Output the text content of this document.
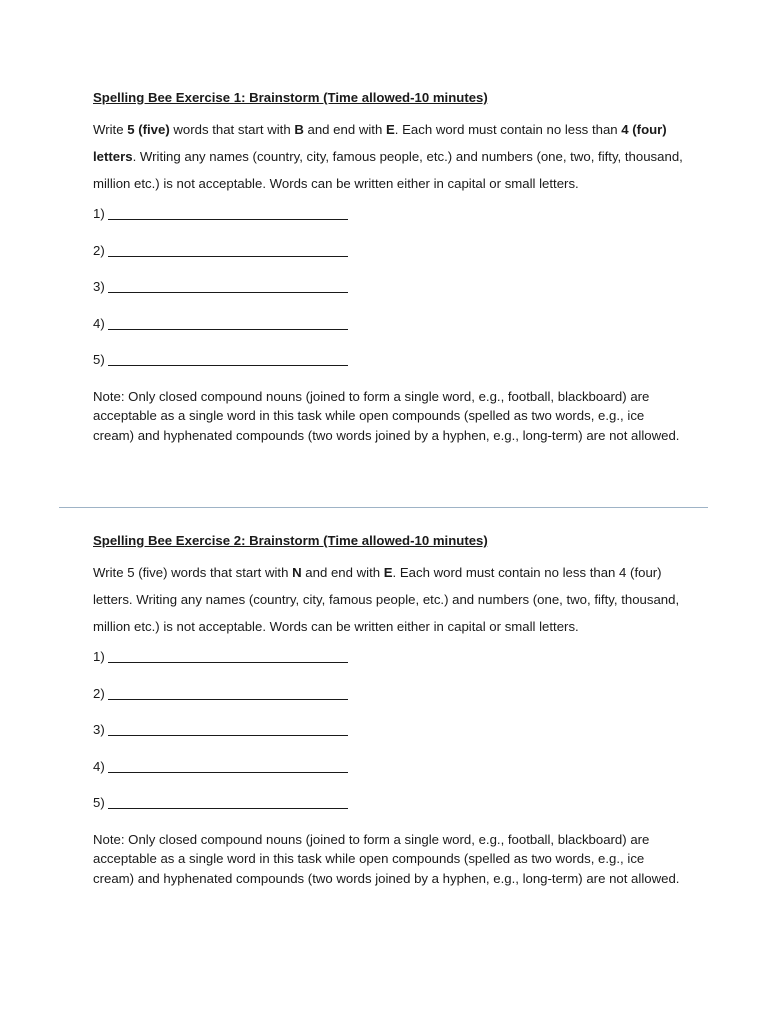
Spelling Bee Exercise 1: Brainstorm (Time allowed-10 minutes)
Write 5 (five) words that start with B and end with E. Each word must contain no less than 4 (four) letters. Writing any names (country, city, famous people, etc.) and numbers (one, two, fifty, thousand, million etc.) is not acceptable. Words can be written either in capital or small letters.
1)
2)
3)
4)
5)
Note: Only closed compound nouns (joined to form a single word, e.g., football, blackboard) are acceptable as a single word in this task while open compounds (spelled as two words, e.g., ice cream) and hyphenated compounds (two words joined by a hyphen, e.g., long-term) are not allowed.
Spelling Bee Exercise 2: Brainstorm (Time allowed-10 minutes)
Write 5 (five) words that start with N and end with E. Each word must contain no less than 4 (four) letters. Writing any names (country, city, famous people, etc.) and numbers (one, two, fifty, thousand, million etc.) is not acceptable. Words can be written either in capital or small letters.
1)
2)
3)
4)
5)
Note: Only closed compound nouns (joined to form a single word, e.g., football, blackboard) are acceptable as a single word in this task while open compounds (spelled as two words, e.g., ice cream) and hyphenated compounds (two words joined by a hyphen, e.g., long-term) are not allowed.
